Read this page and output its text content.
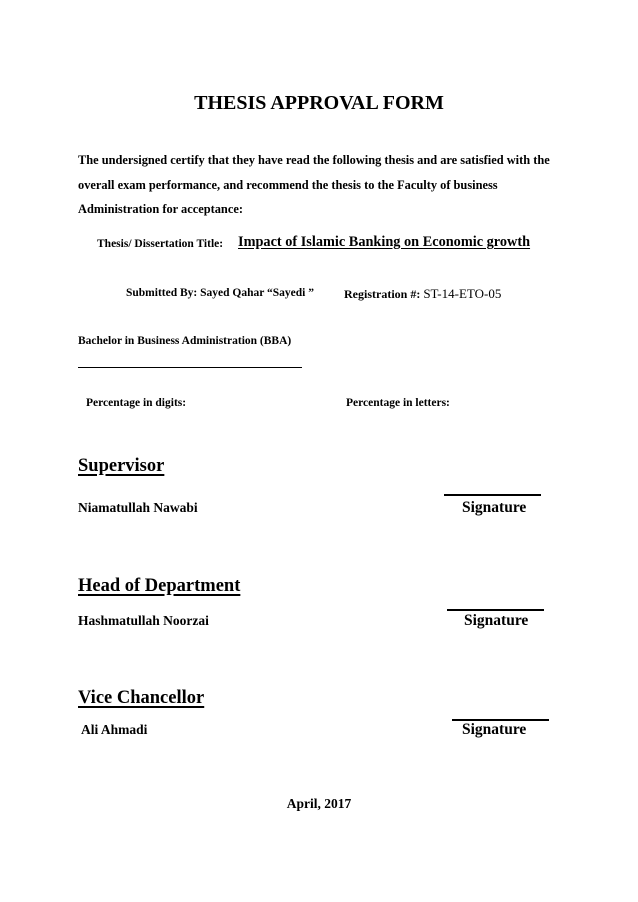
THESIS APPROVAL FORM
The undersigned certify that they have read the following thesis and are satisfied with the overall exam performance, and recommend the thesis to the Faculty of business Administration for acceptance:
Thesis/ Dissertation Title: Impact of Islamic Banking on Economic growth
Submitted By: Sayed Qahar “Sayedi ”	Registration #: ST-14-ETO-05
Bachelor in Business Administration (BBA)
Percentage in digits:	Percentage in letters:
Supervisor
Niamatullah Nawabi	Signature
Head of Department
Hashmatullah Noorzai	Signature
Vice Chancellor
Ali Ahmadi	Signature
April, 2017
